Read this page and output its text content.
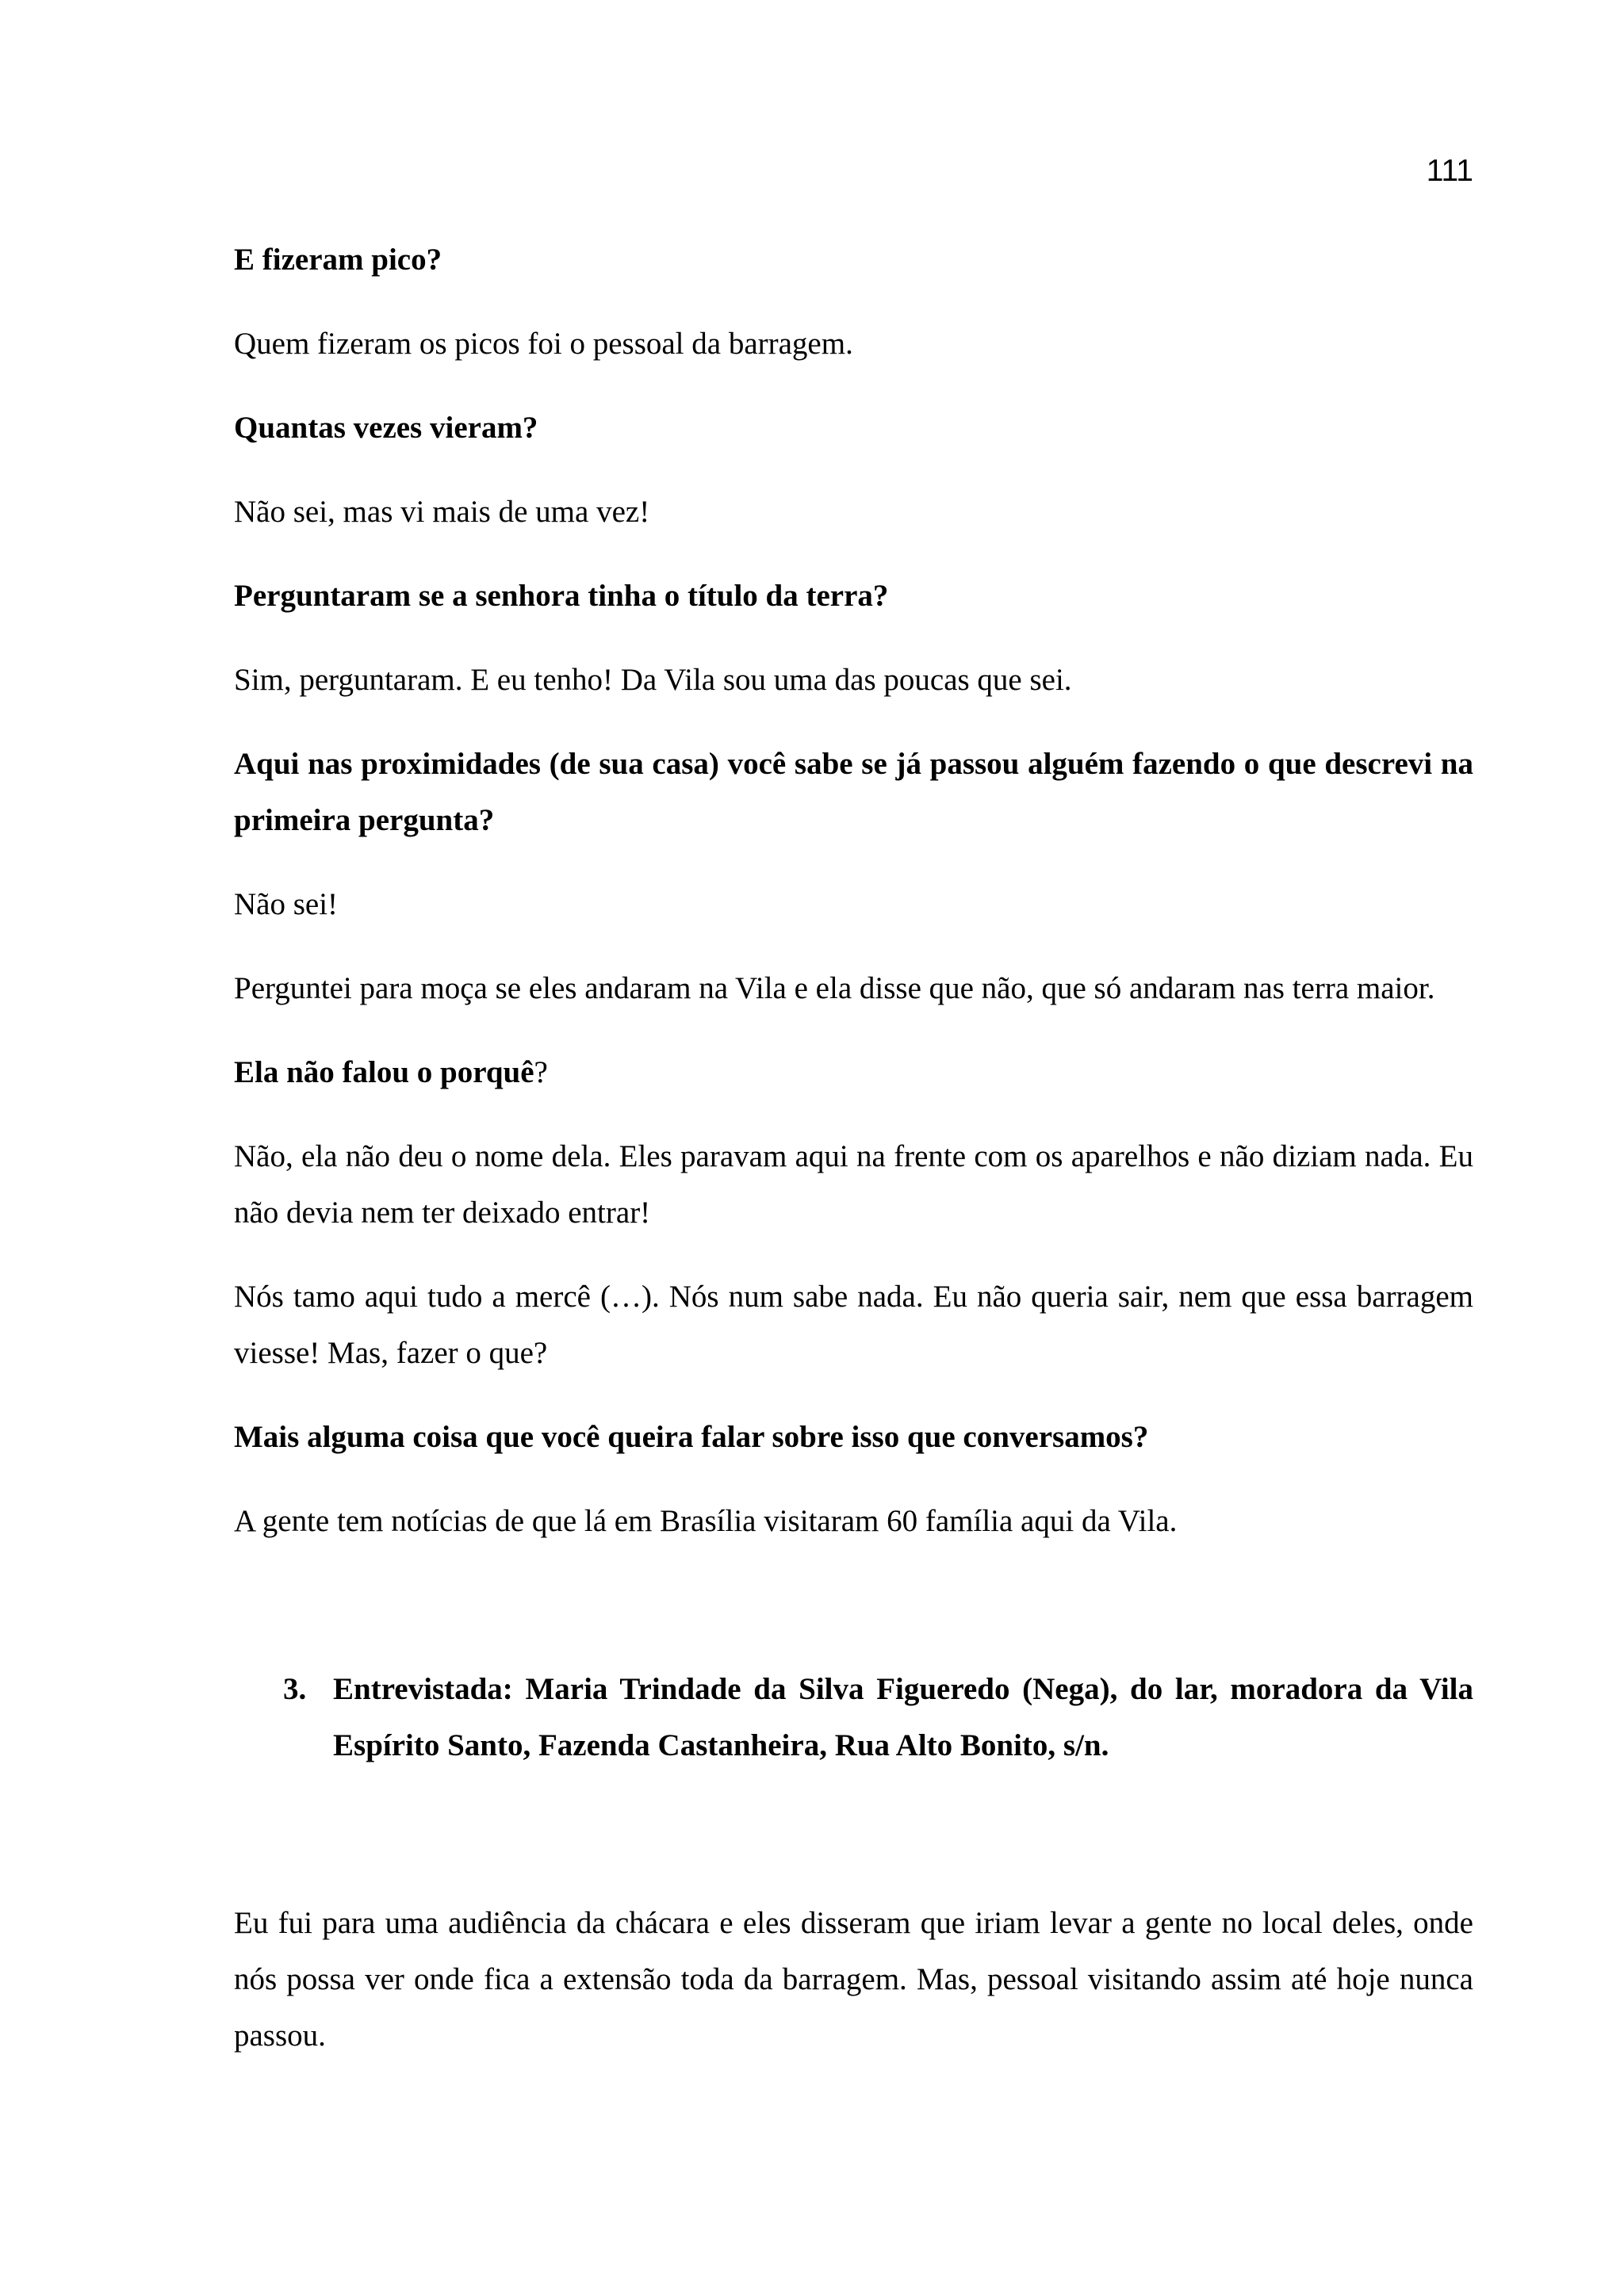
111

E fizeram pico?

Quem fizeram os picos foi o pessoal da barragem.

Quantas vezes vieram?

Não sei, mas vi mais de uma vez!

Perguntaram se a senhora tinha o título da terra?

Sim, perguntaram. E eu tenho! Da Vila sou uma das poucas que sei.

Aqui nas proximidades (de sua casa) você sabe se já passou alguém fazendo o que descrevi na primeira pergunta?

Não sei!

Perguntei para moça se eles andaram na Vila e ela disse que não, que só andaram nas terra maior.

Ela não falou o porquê?

Não, ela não deu o nome dela. Eles paravam aqui na frente com os aparelhos e não diziam nada. Eu não devia nem ter deixado entrar!

Nós tamo aqui tudo a mercê (…). Nós num sabe nada. Eu não queria sair, nem que essa barragem viesse! Mas, fazer o que?

Mais alguma coisa que você queira falar sobre isso que conversamos?

A gente tem notícias de que lá em Brasília visitaram 60 família aqui da Vila.

3. Entrevistada: Maria Trindade da Silva Figueredo (Nega), do lar, moradora da Vila Espírito Santo, Fazenda Castanheira, Rua Alto Bonito, s/n.

Eu fui para uma audiência da chácara e eles disseram que iriam levar a gente no local deles, onde nós possa ver onde fica a extensão toda da barragem. Mas, pessoal visitando assim até hoje nunca passou.
